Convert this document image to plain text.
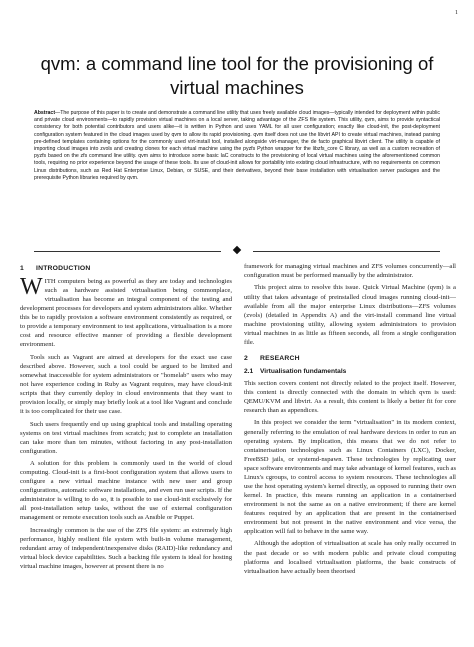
1
qvm: a command line tool for the provisioning of virtual machines
Abstract—The purpose of this paper is to create and demonstrate a command line utility that uses freely available cloud images—typically intended for deployment within public and private cloud environments—to rapidly provision virtual machines on a local server, taking advantage of the ZFS file system. This utility, qvm, aims to provide syntactical consistency for both potential contributors and users alike—it is written in Python and uses YAML for all user configuration; exactly like cloud-init, the post-deployment configuration system featured in the cloud images used by qvm to allow its rapid provisioning. qvm itself does not use the libvirt API to create virtual machines, instead parsing pre-defined templates containing options for the commonly used virt-install tool, installed alongside virt-manager, the de facto graphical libvirt client. The utility is capable of importing cloud images into zvols and creating clones for each virtual machine using the pyzfs Python wrapper for the libzfs_core C library, as well as a custom recreation of pyzfs based on the zfs command line utility. qvm aims to introduce some basic IaC constructs to the provisioning of local virtual machines using the aforementioned common tools, requiring no prior experience beyond the usage of these tools. Its use of cloud-init allows for portability into existing cloud infrastructure, with no requirements on common Linux distributions, such as Red Hat Enterprise Linux, Debian, or SUSE, and their derivatives, beyond their base installation with virtualisation server packages and the prerequisite Python libraries required by qvm.
1 INTRODUCTION

WITH computers being as powerful as they are today and technologies such as hardware assisted virtualisation being commonplace, virtualisation has become an integral component of the testing and development processes for developers and system administrators alike. Whether this be to rapidly provision a software environment consistently as required, or to provide a temporary environment to test applications, virtualisation is a more cost and resource effective manner of providing a flexible development environment.

Tools such as Vagrant are aimed at developers for the exact use case described above. However, such a tool could be argued to be limited and somewhat inaccessible for system administrators or "homelab" users who may not have experience coding in Ruby as Vagrant requires, may have cloud-init scripts that they currently deploy in cloud environments that they want to provision locally, or simply may briefly look at a tool like Vagrant and conclude it is too complicated for their use case.

Such users frequently end up using graphical tools and installing operating systems on test virtual machines from scratch; just to complete an installation can take more than ten minutes, without factoring in any post-installation configuration.

A solution for this problem is commonly used in the world of cloud computing. Cloud-init is a first-boot configuration system that allows users to configure a new virtual machine instance with new user and group configurations, automatic software installations, and even run user scripts. If the administrator is willing to do so, it is possible to use cloud-init exclusively for all post-installation setup tasks, without the use of external configuration management or remote execution tools such as Ansible or Puppet.

Increasingly common is the use of the ZFS file system: an extremely high performance, highly resilient file system with built-in volume management, redundant array of independent/inexpensive disks (RAID)-like redundancy and virtual block device capabilities. Such a backing file system is ideal for hosting virtual machine images, however at present there is no

framework for managing virtual machines and ZFS volumes concurrently—all configuration must be performed manually by the administrator.

This project aims to resolve this issue. Quick Virtual Machine (qvm) is a utility that takes advantage of preinstalled cloud images running cloud-init—available from all the major enterprise Linux distributions—ZFS volumes (zvols) (detailed in Appendix A) and the virt-install command line virtual machine provisioning utility, allowing system administrators to provision virtual machines in as little as fifteen seconds, all from a single configuration file.

2 RESEARCH
2.1 Virtualisation fundamentals

This section covers content not directly related to the project itself. However, this content is directly connected with the domain in which qvm is used: QEMU/KVM and libvirt. As a result, this content is likely a better fit for core research than as appendices.

In this project we consider the term "virtualisation" in its modern context, generally referring to the emulation of real hardware devices in order to run an operating system. By implication, this means that we do not refer to containerisation technologies such as Linux Containers (LXC), Docker, FreeBSD jails, or systemd-nspawn. These technologies by replicating user space software environments and may take advantage of kernel features, such as Linux's cgroups, to control access to system resources. These technologies all use the host operating system's kernel directly, as opposed to running their own kernel. In practice, this means running an application in a containerised environment is not the same as on a native environment; if there are kernel features required by an application that are present in the containerised environment but not present in the native environment and vice versa, the application will fail to behave in the same way.

Although the adoption of virtualisation at scale has only really occurred in the past decade or so with modern public and private cloud computing platforms and localised virtualisation platforms, the basic constructs of virtualisation have actually been theorised
